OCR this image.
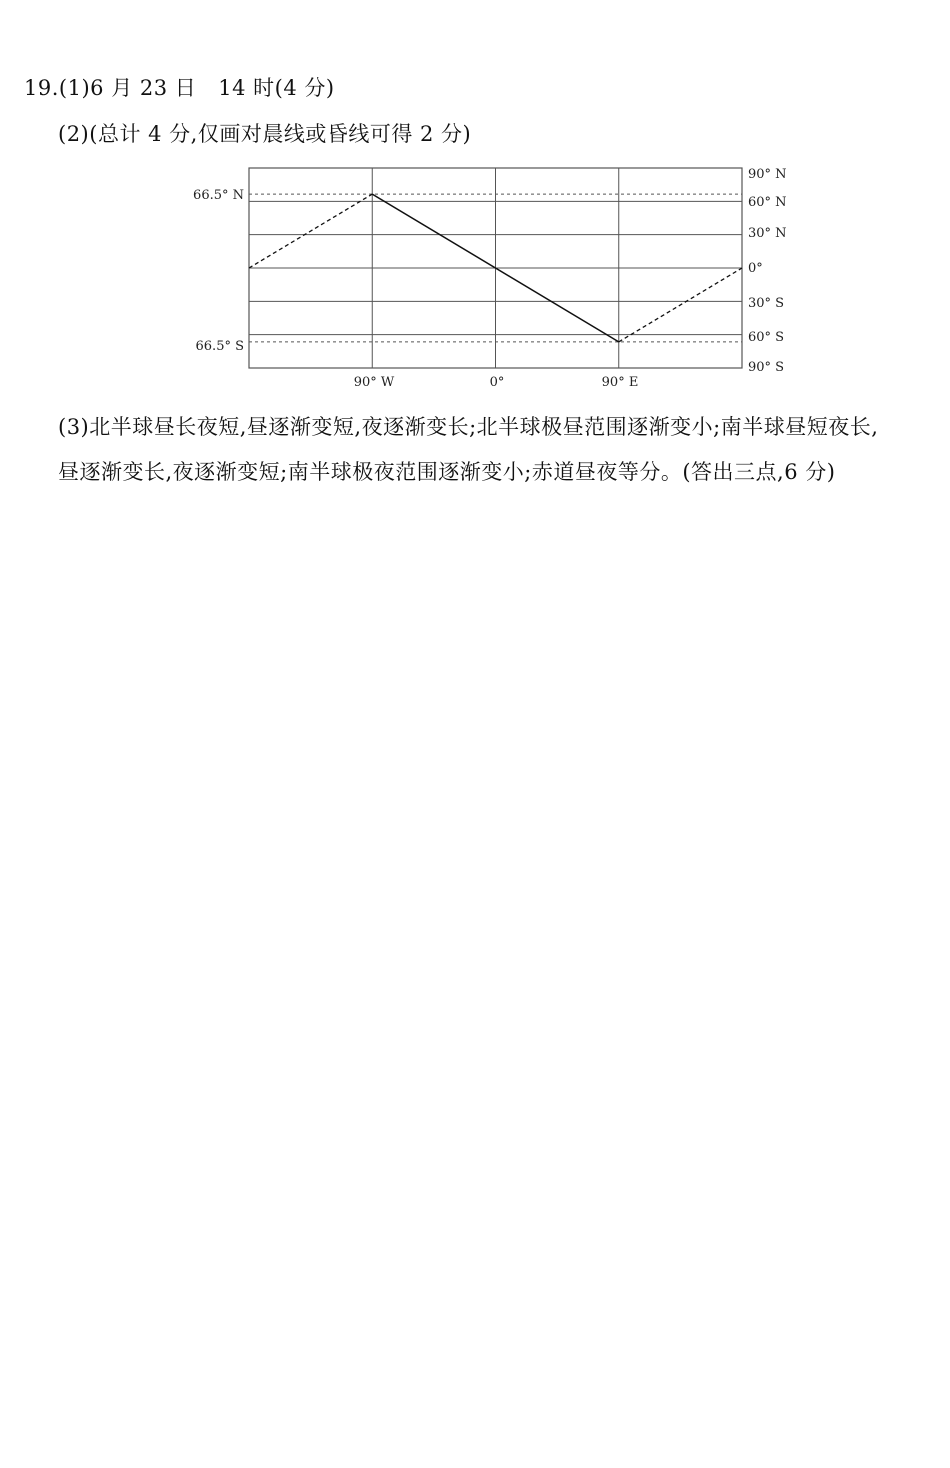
19.(1)6 月 23 日 14 时(4 分)
(2)(总计 4 分,仅画对晨线或昏线可得 2 分)
66.5° N
66.5° S
90° N
60° N
30° N
0°
30° S
60° S
90° S
90° W	0°	90° E
(3)北半球昼长夜短,昼逐渐变短,夜逐渐变长;北半球极昼范围逐渐变小;南半球昼短夜长,
昼逐渐变长,夜逐渐变短;南半球极夜范围逐渐变小;赤道昼夜等分。(答出三点,6 分)
